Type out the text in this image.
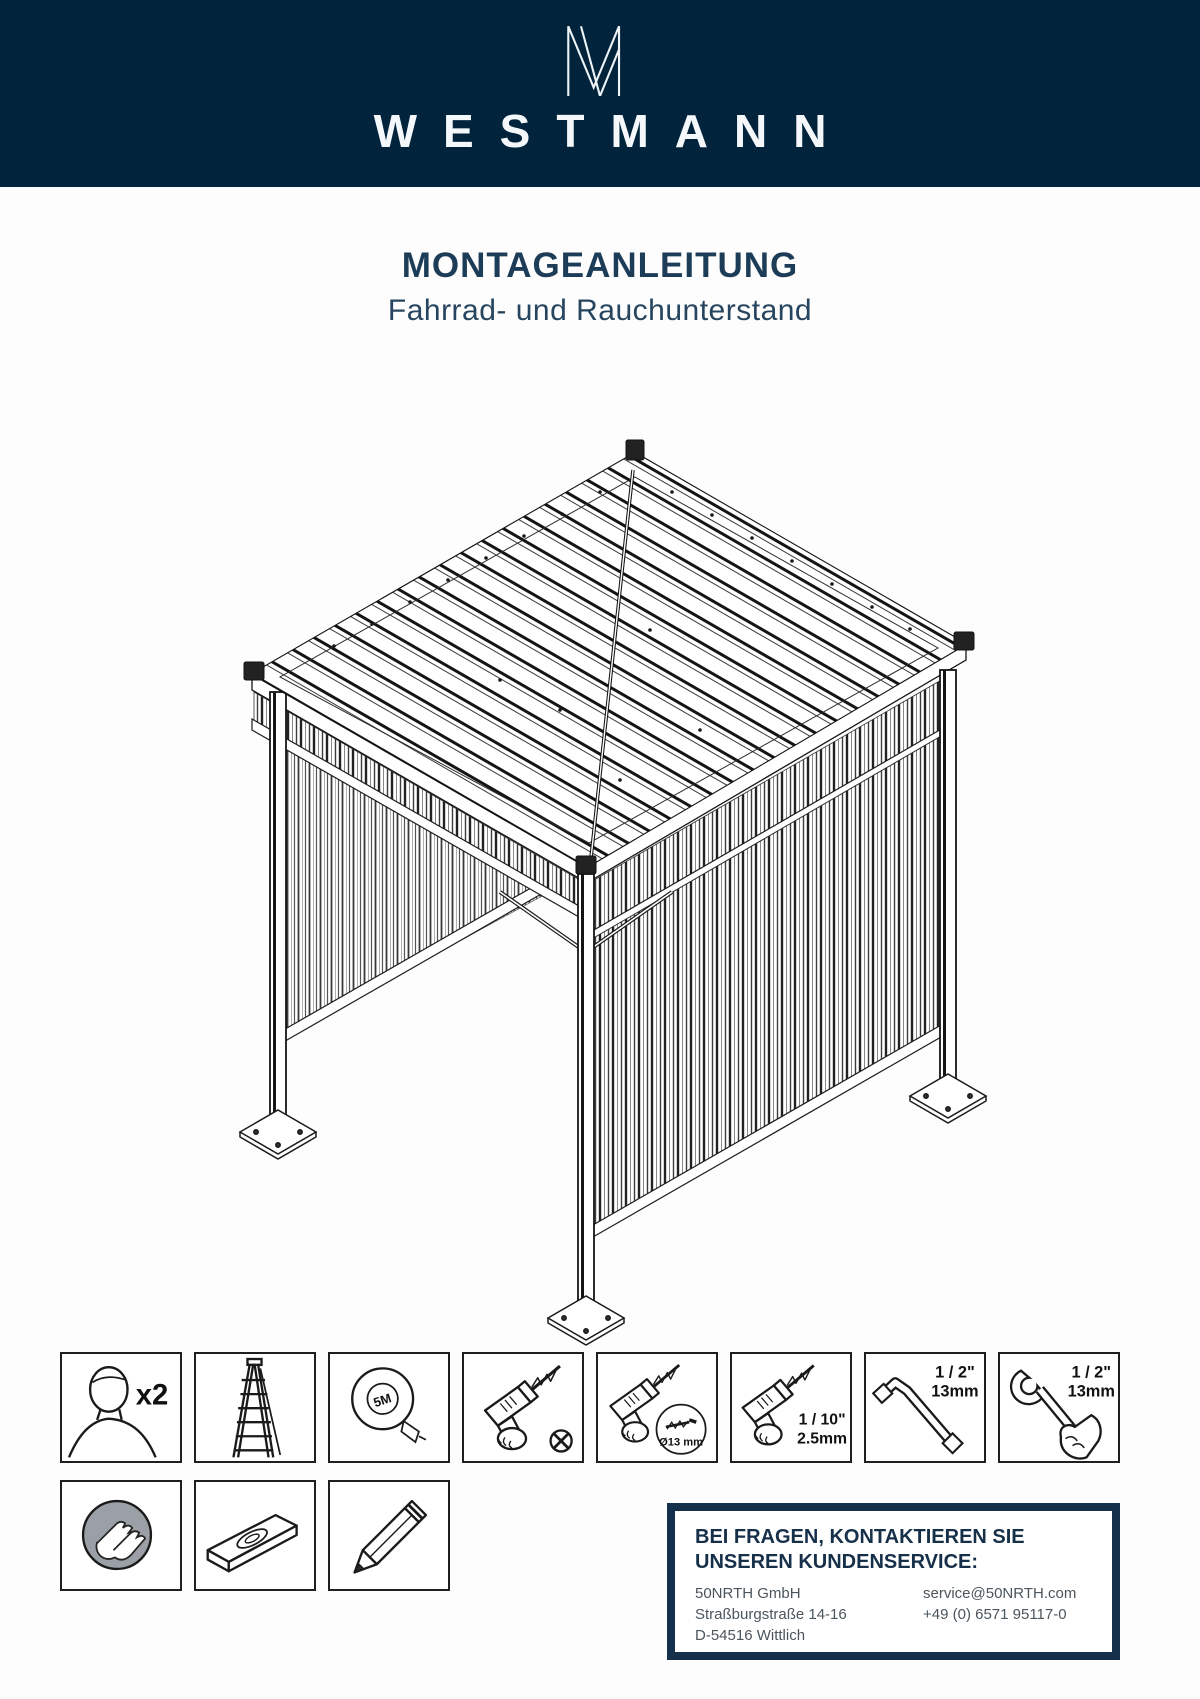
WESTMANN
MONTAGEANLEITUNG
Fahrrad- und Rauchunterstand
x2	5M
Ø13 mm
1 / 10"
2.5mm
1 / 2"
13mm
1 / 2"
13mm
BEI FRAGEN, KONTAKTIEREN SIE
UNSEREN KUNDENSERVICE:
50NRTH GmbH
Straßburgstraße 14-16
D-54516 Wittlich
service@50NRTH.com
+49 (0) 6571 95117-0
